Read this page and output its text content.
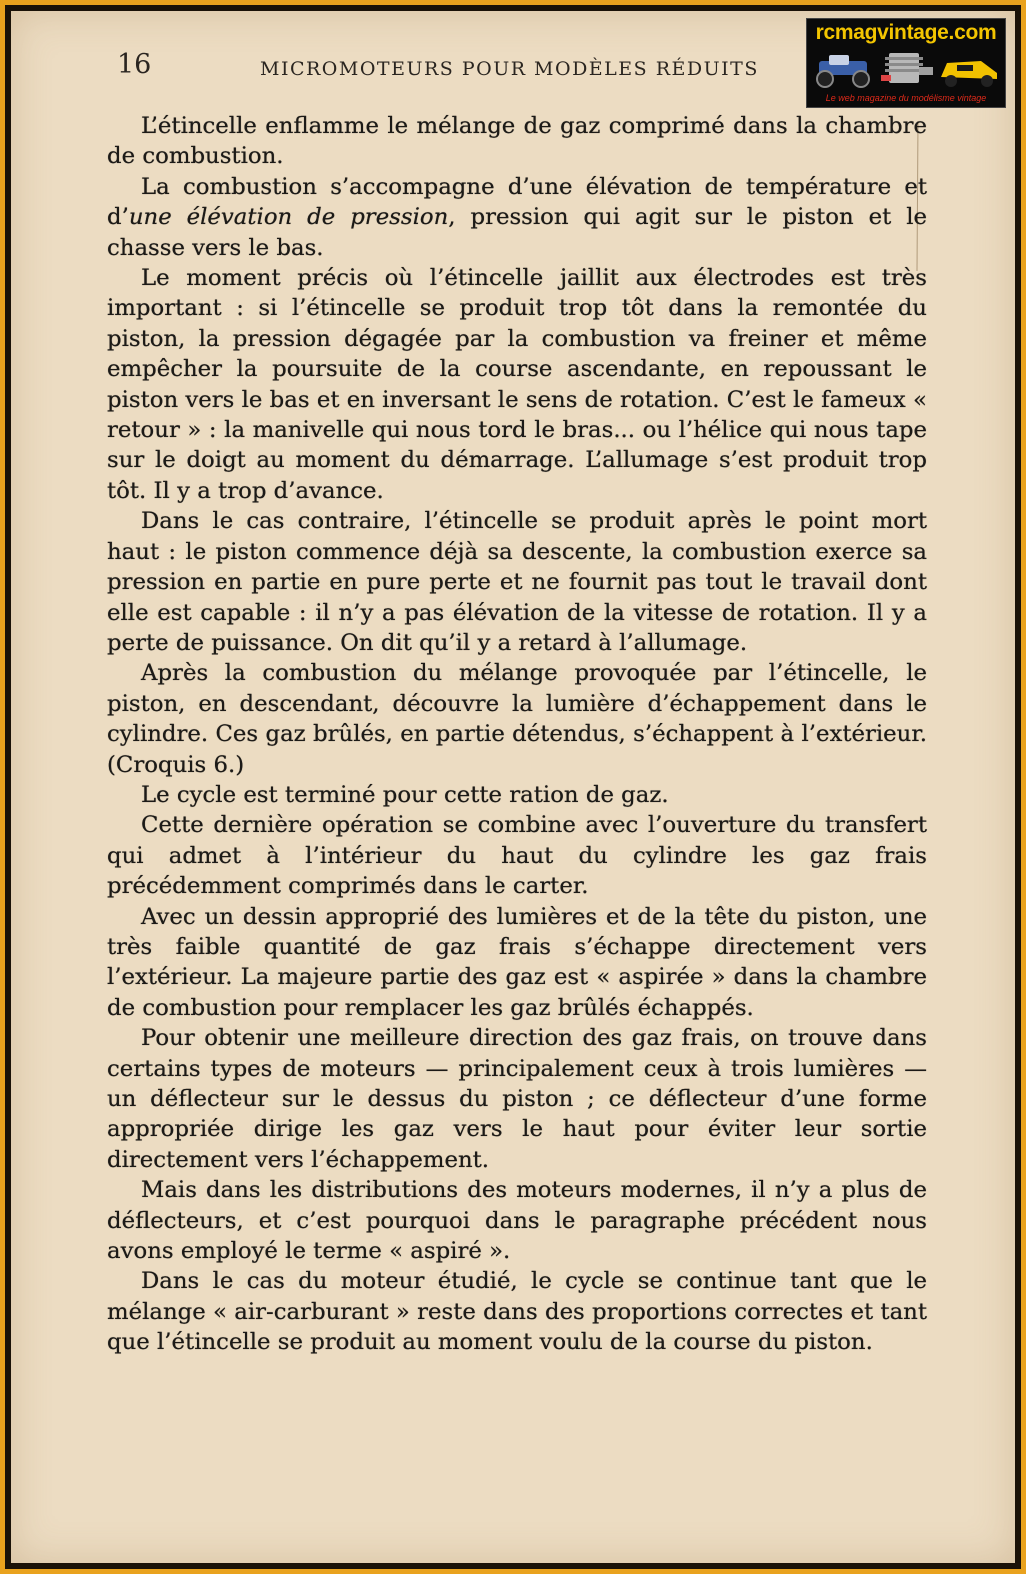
16	MICROMOTEURS POUR MODÈLES RÉDUITS
rcmagvintage.com
Le web magazine du modélisme vintage

L’étincelle enflamme le mélange de gaz comprimé dans la chambre de combustion.

La combustion s’accompagne d’une élévation de température et d’une élévation de pression, pression qui agit sur le piston et le chasse vers le bas.

Le moment précis où l’étincelle jaillit aux électrodes est très important : si l’étincelle se produit trop tôt dans la remontée du piston, la pression dégagée par la combustion va freiner et même empêcher la poursuite de la course ascendante, en repoussant le piston vers le bas et en inversant le sens de rotation. C’est le fameux « retour » : la manivelle qui nous tord le bras... ou l’hélice qui nous tape sur le doigt au moment du démarrage. L’allumage s’est produit trop tôt. Il y a trop d’avance.

Dans le cas contraire, l’étincelle se produit après le point mort haut : le piston commence déjà sa descente, la combustion exerce sa pression en partie en pure perte et ne fournit pas tout le travail dont elle est capable : il n’y a pas élévation de la vitesse de rotation. Il y a perte de puissance. On dit qu’il y a retard à l’allumage.

Après la combustion du mélange provoquée par l’étincelle, le piston, en descendant, découvre la lumière d’échappement dans le cylindre. Ces gaz brûlés, en partie détendus, s’échappent à l’extérieur. (Croquis 6.)

Le cycle est terminé pour cette ration de gaz.

Cette dernière opération se combine avec l’ouverture du transfert qui admet à l’intérieur du haut du cylindre les gaz frais précédemment comprimés dans le carter.

Avec un dessin approprié des lumières et de la tête du piston, une très faible quantité de gaz frais s’échappe directement vers l’extérieur. La majeure partie des gaz est « aspirée » dans la chambre de combustion pour remplacer les gaz brûlés échappés.

Pour obtenir une meilleure direction des gaz frais, on trouve dans certains types de moteurs — principalement ceux à trois lumières — un déflecteur sur le dessus du piston ; ce déflecteur d’une forme appropriée dirige les gaz vers le haut pour éviter leur sortie directement vers l’échappement.

Mais dans les distributions des moteurs modernes, il n’y a plus de déflecteurs, et c’est pourquoi dans le paragraphe précédent nous avons employé le terme « aspiré ».

Dans le cas du moteur étudié, le cycle se continue tant que le mélange « air-carburant » reste dans des proportions correctes et tant que l’étincelle se produit au moment voulu de la course du piston.
